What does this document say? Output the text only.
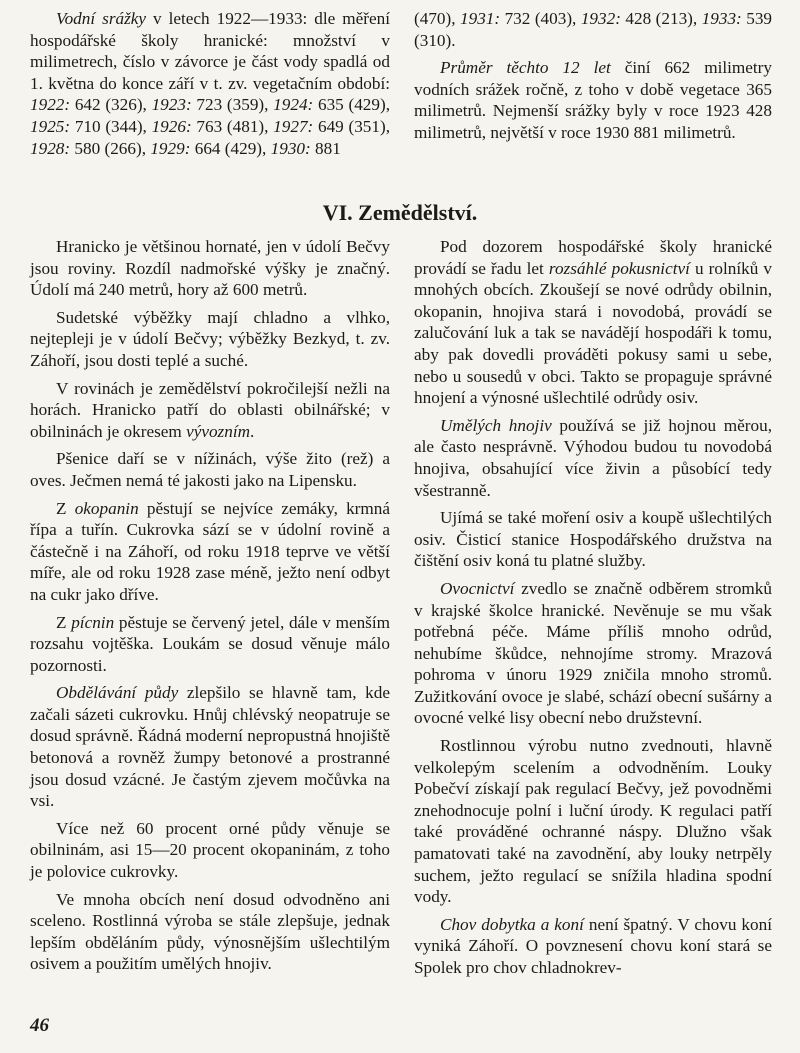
Vodní srážky v letech 1922—1933: dle měření hospodářské školy hranické: množství v milimetrech, číslo v závorce je část vody spadlá od 1. května do konce září v t. zv. vegetačním období: 1922: 642 (326), 1923: 723 (359), 1924: 635 (429), 1925: 710 (344), 1926: 763 (481), 1927: 649 (351), 1928: 580 (266), 1929: 664 (429), 1930: 881

(470), 1931: 732 (403), 1932: 428 (213), 1933: 539 (310).

Průměr těchto 12 let činí 662 milimetry vodních srážek ročně, z toho v době vegetace 365 milimetrů. Nejmenší srážky byly v roce 1923 428 milimetrů, největší v roce 1930 881 milimetrů.

VI. Zemědělství.

Hranicko je většinou hornaté, jen v údolí Bečvy jsou roviny. Rozdíl nadmořské výšky je značný. Údolí má 240 metrů, hory až 600 metrů.

Sudetské výběžky mají chladno a vlhko, nejtepleji je v údolí Bečvy; výběžky Bezkyd, t. zv. Záhoří, jsou dosti teplé a suché.

V rovinách je zemědělství pokročilejší nežli na horách. Hranicko patří do oblasti obilnářské; v obilninách je okresem vývozním.

Pšenice daří se v nížinách, výše žito (rež) a oves. Ječmen nemá té jakosti jako na Lipensku.

Z okopanin pěstují se nejvíce zemáky, krmná řípa a tuřín. Cukrovka sází se v údolní rovině a částečně i na Záhoří, od roku 1918 teprve ve větší míře, ale od roku 1928 zase méně, ježto není odbyt na cukr jako dříve.

Z pícnin pěstuje se červený jetel, dále v menším rozsahu vojtěška. Loukám se dosud věnuje málo pozornosti.

Obdělávání půdy zlepšilo se hlavně tam, kde začali sázeti cukrovku. Hnůj chlévský neopatruje se dosud správně. Řádná moderní nepropustná hnojiště betonová a rovněž žumpy betonové a prostranné jsou dosud vzácné. Je častým zjevem močůvka na vsi.

Více než 60 procent orné půdy věnuje se obilninám, asi 15—20 procent okopaninám, z toho je polovice cukrovky.

Ve mnoha obcích není dosud odvodněno ani sceleno. Rostlinná výroba se stále zlepšuje, jednak lepším obděláním půdy, výnosnějším ušlechtilým osivem a použitím umělých hnojiv.

Pod dozorem hospodářské školy hranické provádí se řadu let rozsáhlé pokusnictví u rolníků v mnohých obcích. Zkoušejí se nové odrůdy obilnin, okopanin, hnojiva stará i novodobá, provádí se zalučování luk a tak se navádějí hospodáři k tomu, aby pak dovedli prováděti pokusy sami u sebe, nebo u sousedů v obci. Takto se propaguje správné hnojení a výnosné ušlechtilé odrůdy osiv.

Umělých hnojiv používá se již hojnou měrou, ale často nesprávně. Výhodou budou tu novodobá hnojiva, obsahující více živin a působící tedy všestranně.

Ujímá se také moření osiv a koupě ušlechtilých osiv. Čisticí stanice Hospodářského družstva na čištění osiv koná tu platné služby.

Ovocnictví zvedlo se značně odběrem stromků v krajské školce hranické. Nevěnuje se mu však potřebná péče. Máme příliš mnoho odrůd, nehubíme škůdce, nehnojíme stromy. Mrazová pohroma v únoru 1929 zničila mnoho stromů. Zužitkování ovoce je slabé, schází obecní sušárny a ovocné velké lisy obecní nebo družstevní.

Rostlinnou výrobu nutno zvednouti, hlavně velkolepým scelením a odvodněním. Louky Pobečví získají pak regulací Bečvy, jež povodněmi znehodnocuje polní i luční úrody. K regulaci patří také prováděné ochranné náspy. Dlužno však pamatovati také na zavodnění, aby louky netrpěly suchem, ježto regulací se snížila hladina spodní vody.

Chov dobytka a koní není špatný. V chovu koní vyniká Záhoří. O povznesení chovu koní stará se Spolek pro chov chladnokrev-

46
